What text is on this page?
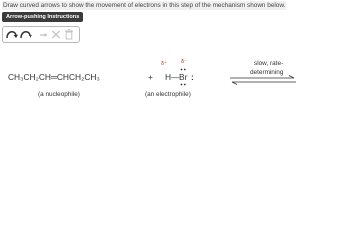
Draw curved arrows to show the movement of electrons in this step of the mechanism shown below.
Arrow-pushing Instructions
CH₃CH₂CH═CHCH₂CH₃
(a nucleophile)
+
δ⁺	δ⁻
H — Br :
(an electrophile)
slow, rate-
determining
